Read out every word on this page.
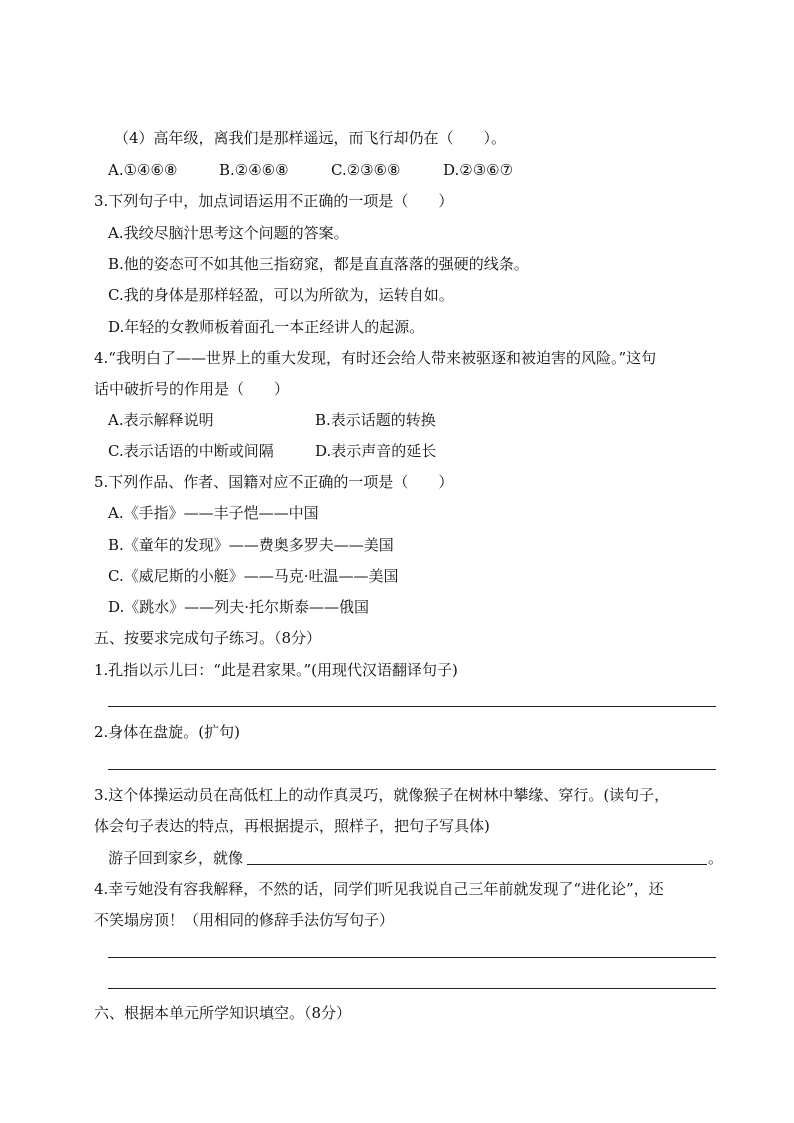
（4）高年级，离我们是那样遥远，而飞行却仍在（　　）。
A.①④⑥⑧	B.②④⑥⑧	C.②③⑥⑧	D.②③⑥⑦
3.下列句子中，加点词语运用不正确的一项是（　　）
A.我绞尽脑汁思考这个问题的答案。
B.他的姿态可不如其他三指窈窕，都是直直落落的强硬的线条。
C.我的身体是那样轻盈，可以为所欲为，运转自如。
D.年轻的女教师板着面孔一本正经讲人的起源。
4.“我明白了——世界上的重大发现，有时还会给人带来被驱逐和被迫害的风险。”这句
话中破折号的作用是（　　）
A.表示解释说明	B.表示话题的转换
C.表示话语的中断或间隔	D.表示声音的延长
5.下列作品、作者、国籍对应不正确的一项是（　　）
A.《手指》——丰子恺——中国
B.《童年的发现》——费奥多罗夫——美国
C.《威尼斯的小艇》——马克·吐温——美国
D.《跳水》——列夫·托尔斯泰——俄国
五、按要求完成句子练习。（8分）
1.孔指以示儿曰：“此是君家果。”(用现代汉语翻译句子)
2.身体在盘旋。(扩句)
3.这个体操运动员在高低杠上的动作真灵巧，就像猴子在树林中攀缘、穿行。(读句子，
体会句子表达的特点，再根据提示，照样子，把句子写具体)
游子回到家乡，就像	。
4.幸亏她没有容我解释，不然的话，同学们听见我说自己三年前就发现了“进化论”，还
不笑塌房顶！（用相同的修辞手法仿写句子）
六、根据本单元所学知识填空。（8分）
